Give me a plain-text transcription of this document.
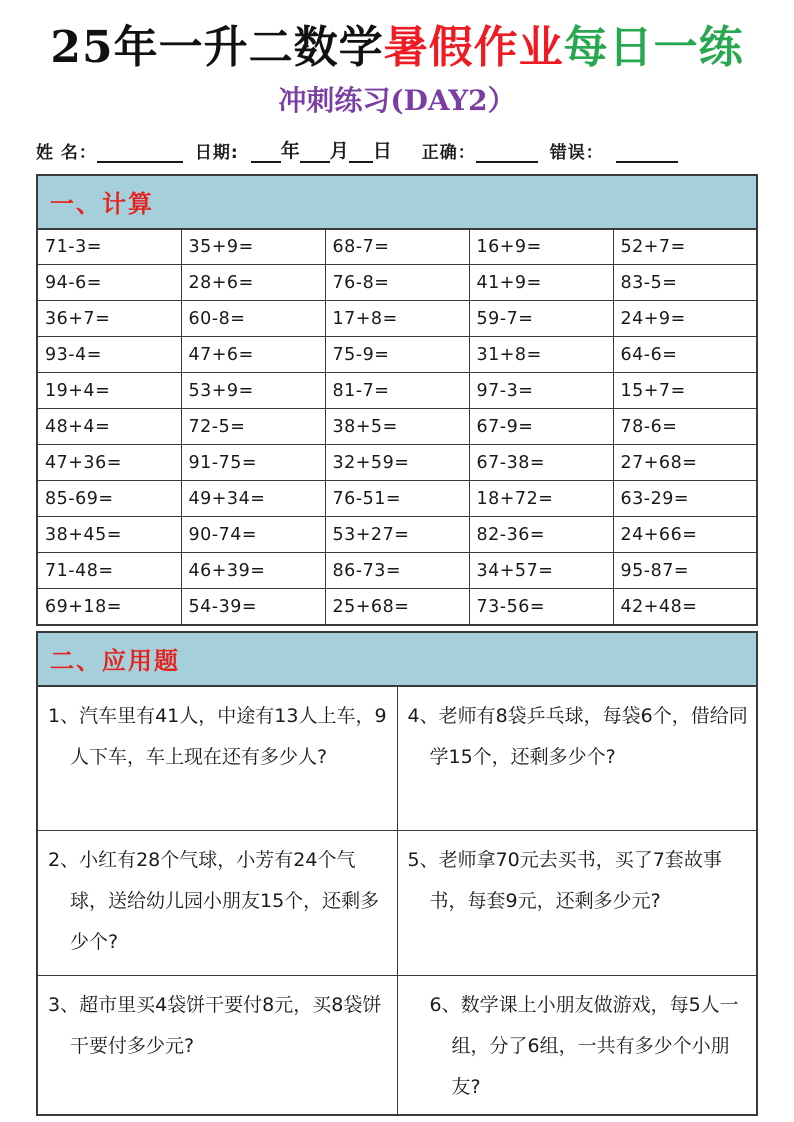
25年一升二数学暑假作业每日一练
冲刺练习(DAY2）
姓 名：	日期: 年 月 日 正确：	错误：
一、计算
71-3=	35+9=	68-7=	16+9=	52+7=
94-6=	28+6=	76-8=	41+9=	83-5=
36+7=	60-8=	17+8=	59-7=	24+9=
93-4=	47+6=	75-9=	31+8=	64-6=
19+4=	53+9=	81-7=	97-3=	15+7=
48+4=	72-5=	38+5=	67-9=	78-6=
47+36=	91-75=	32+59=	67-38=	27+68=
85-69=	49+34=	76-51=	18+72=	63-29=
38+45=	90-74=	53+27=	82-36=	24+66=
71-48=	46+39=	86-73=	34+57=	95-87=
69+18=	54-39=	25+68=	73-56=	42+48=
二、应用题
1、汽车里有41人，中途有13人上车，9人下车，车上现在还有多少人?	4、老师有8袋乒乓球，每袋6个，借给同学15个，还剩多少个?

2、小红有28个气球，小芳有24个气球，送给幼儿园小朋友15个，还剩多少个?	5、老师拿70元去买书，买了7套故事书，每套9元，还剩多少元?

3、超市里买4袋饼干要付8元，买8袋饼干要付多少元?	6、数学课上小朋友做游戏，每5人一组，分了6组，一共有多少个小朋友?
